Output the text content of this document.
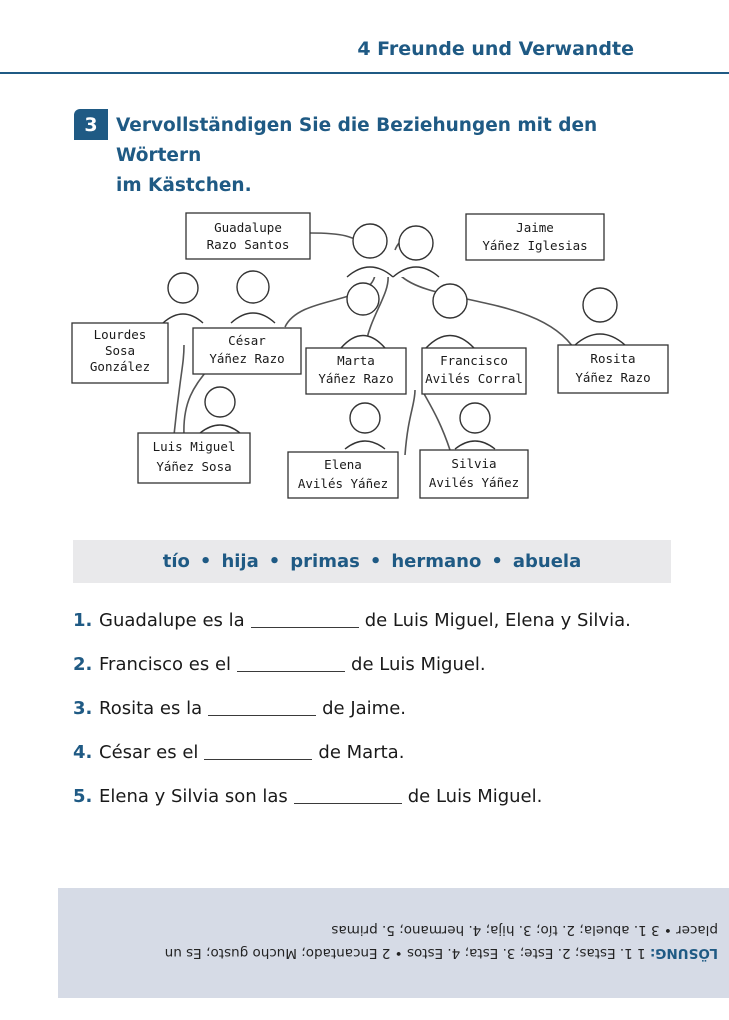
4 Freunde und Verwandte
3 Vervollständigen Sie die Beziehungen mit den Wörtern
im Kästchen.
Guadalupe
Razo Santos
Jaime
Yáñez Iglesias
Lourdes
Sosa
González
César
Yáñez Razo	Marta
Yáñez Razo
Francisco
Avilés Corral
Rosita
Yáñez Razo
Luis Miguel
Yáñez Sosa	Elena
Avilés Yáñez
Silvia
Avilés Yáñez
tío • hija • primas • hermano • abuela
1. Guadalupe es la	de Luis Miguel, Elena y Silvia.
2. Francisco es el	de Luis Miguel.
3. Rosita es la	de Jaime.
4. César es el	de Marta.
5. Elena y Silvia son las	de Luis Miguel.
LÖSUNG: 1 1. Estas; 2. Este; 3. Esta; 4. Estos • 2 Encantado; Mucho gusto; Es un
placer • 3 1. abuela; 2. tío; 3. hija; 4. hermano; 5. primas
